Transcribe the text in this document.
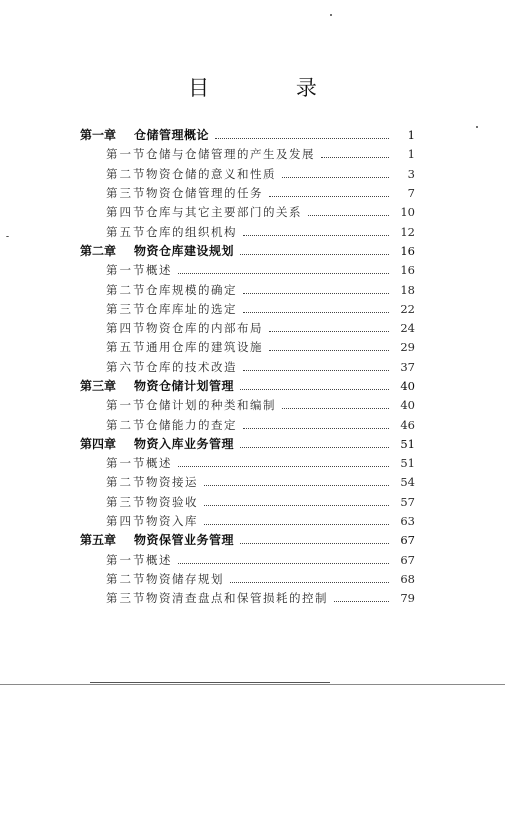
目 录
第一章	仓储管理概论	1
第一节 仓储与仓储管理的产生及发展	1
第二节 物资仓储的意义和性质	3
第三节 物资仓储管理的任务	7
第四节 仓库与其它主要部门的关系	10
第五节 仓库的组织机构	12
第二章	物资仓库建设规划	16
第一节 概述	16
第二节 仓库规模的确定	18
第三节 仓库库址的选定	22
第四节 物资仓库的内部布局	24
第五节 通用仓库的建筑设施	29
第六节 仓库的技术改造	37
第三章	物资仓储计划管理	40
第一节 仓储计划的种类和编制	40
第二节 仓储能力的查定	46
第四章	物资入库业务管理	51
第一节 概述	51
第二节 物资接运	54
第三节 物资验收	57
第四节 物资入库	63
第五章	物资保管业务管理	67
第一节 概述	67
第二节 物资储存规划	68
第三节 物资清查盘点和保管损耗的控制	79
